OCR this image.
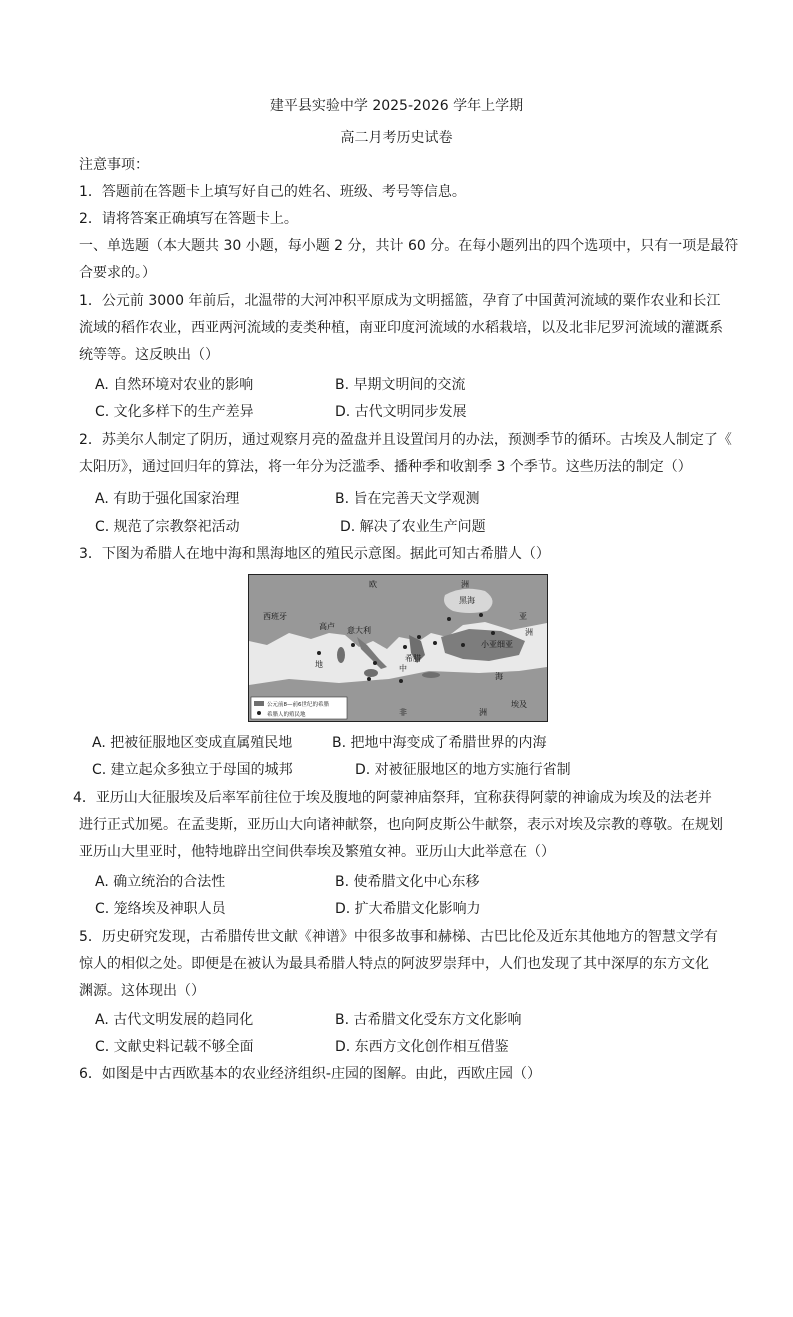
建平县实验中学 2025-2026 学年上学期
高二月考历史试卷
注意事项：
1．答题前在答题卡上填写好自己的姓名、班级、考号等信息。
2．请将答案正确填写在答题卡上。
一、单选题（本大题共 30 小题，每小题 2 分，共计 60 分。在每小题列出的四个选项中，只有一项是最符
合要求的。）
1．公元前 3000 年前后，北温带的大河冲积平原成为文明摇篮，孕育了中国黄河流域的粟作农业和长江
流域的稻作农业，西亚两河流域的麦类种植，南亚印度河流域的水稻栽培，以及北非尼罗河流域的灌溉系
统等等。这反映出（）
A. 自然环境对农业的影响	B. 早期文明间的交流
C. 文化多样下的生产差异	D. 古代文明同步发展
2．苏美尔人制定了阴历，通过观察月亮的盈盘并且设置闰月的办法，预测季节的循环。古埃及人制定了《
太阳历》，通过回归年的算法，将一年分为泛滥季、播种季和收割季 3 个季节。这些历法的制定（）
A. 有助于强化国家治理	B. 旨在完善天文学观测
C. 规范了宗教祭祀活动	D. 解决了农业生产问题
3．下图为希腊人在地中海和黑海地区的殖民示意图。据此可知古希腊人（）
欧	洲
西班牙
高卢 意大利
黑海
希腊
亚
洲
小亚细亚
地	中
海
非	洲
埃及
公元前8—前6世纪的希腊
希腊人的殖民地
A. 把被征服地区变成直属殖民地	B. 把地中海变成了希腊世界的内海
C. 建立起众多独立于母国的城邦	D. 对被征服地区的地方实施行省制
4．亚历山大征服埃及后率军前往位于埃及腹地的阿蒙神庙祭拜，宜称获得阿蒙的神谕成为埃及的法老并
进行正式加冕。在孟斐斯，亚历山大向诸神献祭，也向阿皮斯公牛献祭，表示对埃及宗教的尊敬。在规划
亚历山大里亚时，他特地辟出空间供奉埃及繁殖女神。亚历山大此举意在（）
A. 确立统治的合法性	B. 使希腊文化中心东移
C. 笼络埃及神职人员	D. 扩大希腊文化影响力
5．历史研究发现，古希腊传世文献《神谱》中很多故事和赫梯、古巴比伦及近东其他地方的智慧文学有
惊人的相似之处。即便是在被认为最具希腊人特点的阿波罗崇拜中，人们也发现了其中深厚的东方文化
渊源。这体现出（）
A. 古代文明发展的趋同化	B. 古希腊文化受东方文化影响
C. 文献史料记载不够全面	D. 东西方文化创作相互借鉴
6．如图是中古西欧基本的农业经济组织-庄园的图解。由此，西欧庄园（）
